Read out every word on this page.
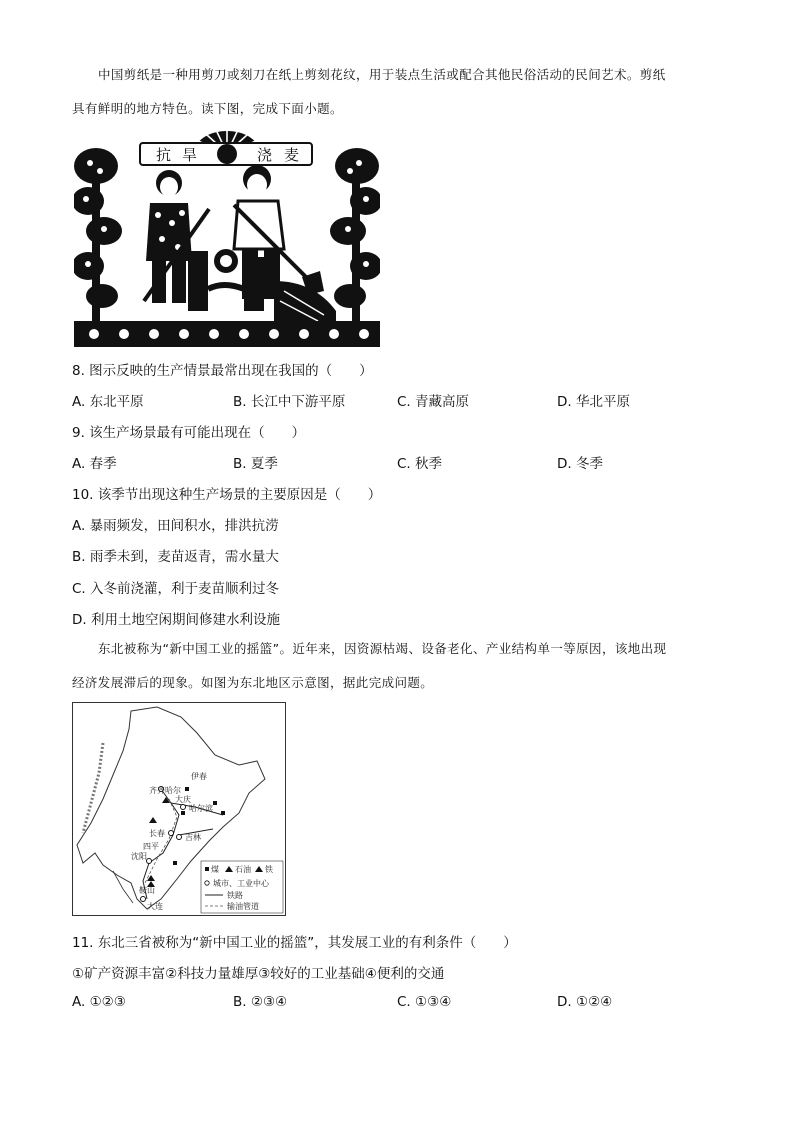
中国剪纸是一种用剪刀或刻刀在纸上剪刻花纹，用于装点生活或配合其他民俗活动的民间艺术。剪纸
具有鲜明的地方特色。读下图，完成下面小题。
抗 旱	浇 麦
8. 图示反映的生产情景最常出现在我国的（　　）
A. 东北平原	B. 长江中下游平原	C. 青藏高原	D. 华北平原
9. 该生产场景最有可能出现在（　　）
A. 春季	B. 夏季	C. 秋季	D. 冬季
10. 该季节出现这种生产场景的主要原因是（　　）
A. 暴雨频发，田间积水，排洪抗涝
B. 雨季未到，麦苗返青，需水量大
C. 入冬前浇灌，利于麦苗顺利过冬
D. 利用土地空闲期间修建水利设施
东北被称为“新中国工业的摇篮”。近年来，因资源枯竭、设备老化、产业结构单一等原因，该地出现
经济发展滞后的现象。如图为东北地区示意图，据此完成问题。
伊春
齐齐哈尔
大庆
哈尔滨
长春	吉林
四平
沈阳
鞍山
大连
煤 石油 铁
城市、工业中心
铁路
输油管道
11. 东北三省被称为“新中国工业的摇篮”，其发展工业的有利条件（　　）
①矿产资源丰富②科技力量雄厚③较好的工业基础④便利的交通
A. ①②③	B. ②③④	C. ①③④	D. ①②④
